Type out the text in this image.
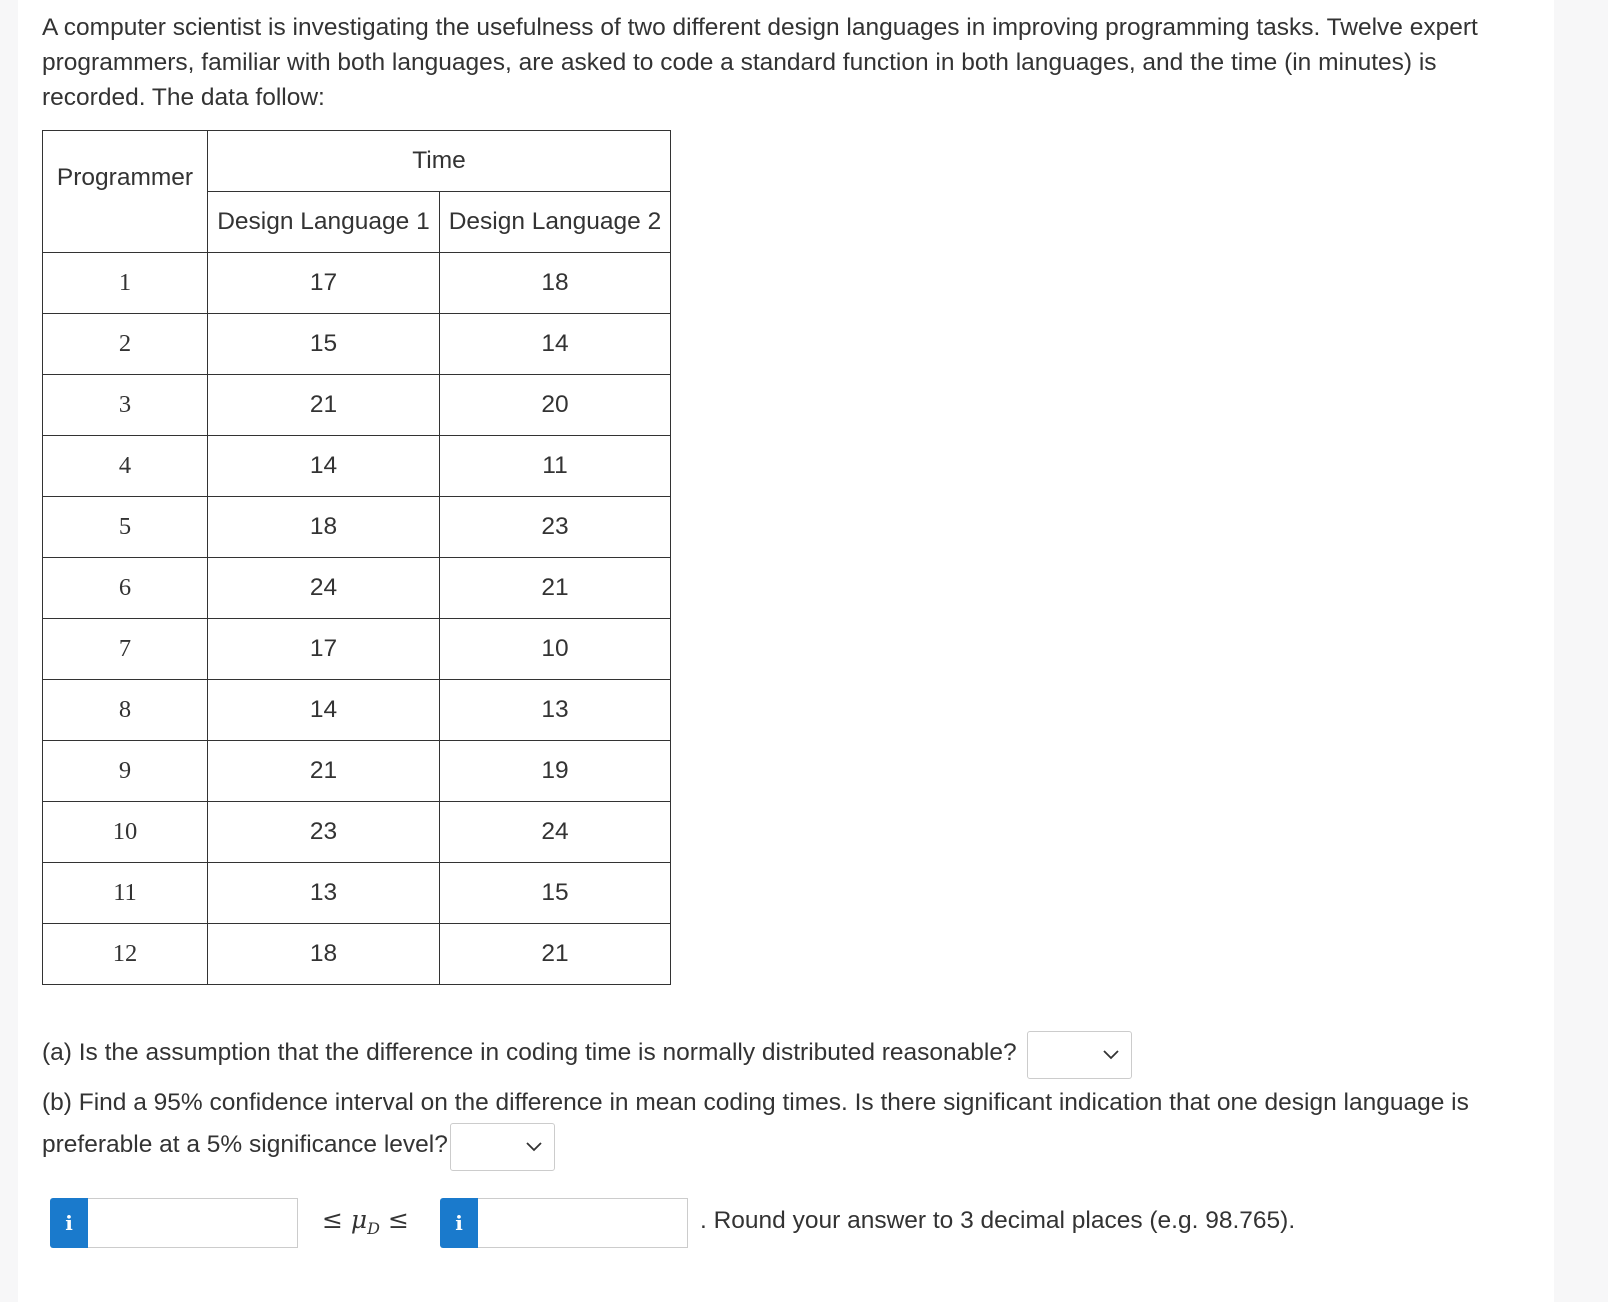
A computer scientist is investigating the usefulness of two different design languages in improving programming tasks. Twelve expert programmers, familiar with both languages, are asked to code a standard function in both languages, and the time (in minutes) is recorded. The data follow:
Programmer	Time	
	Design Language 1	Design Language 2
1	17	18
2	15	14
3	21	20
4	14	11
5	18	23
6	24	21
7	17	10
8	14	13
9	21	19
10	23	24
11	13	15
12	18	21
(a) Is the assumption that the difference in coding time is normally distributed reasonable?
(b) Find a 95% confidence interval on the difference in mean coding times. Is there significant indication that one design language is
preferable at a 5% significance level?
i	≤ $\mu_D$ ≤	i	. Round your answer to 3 decimal places (e.g. 98.765).
